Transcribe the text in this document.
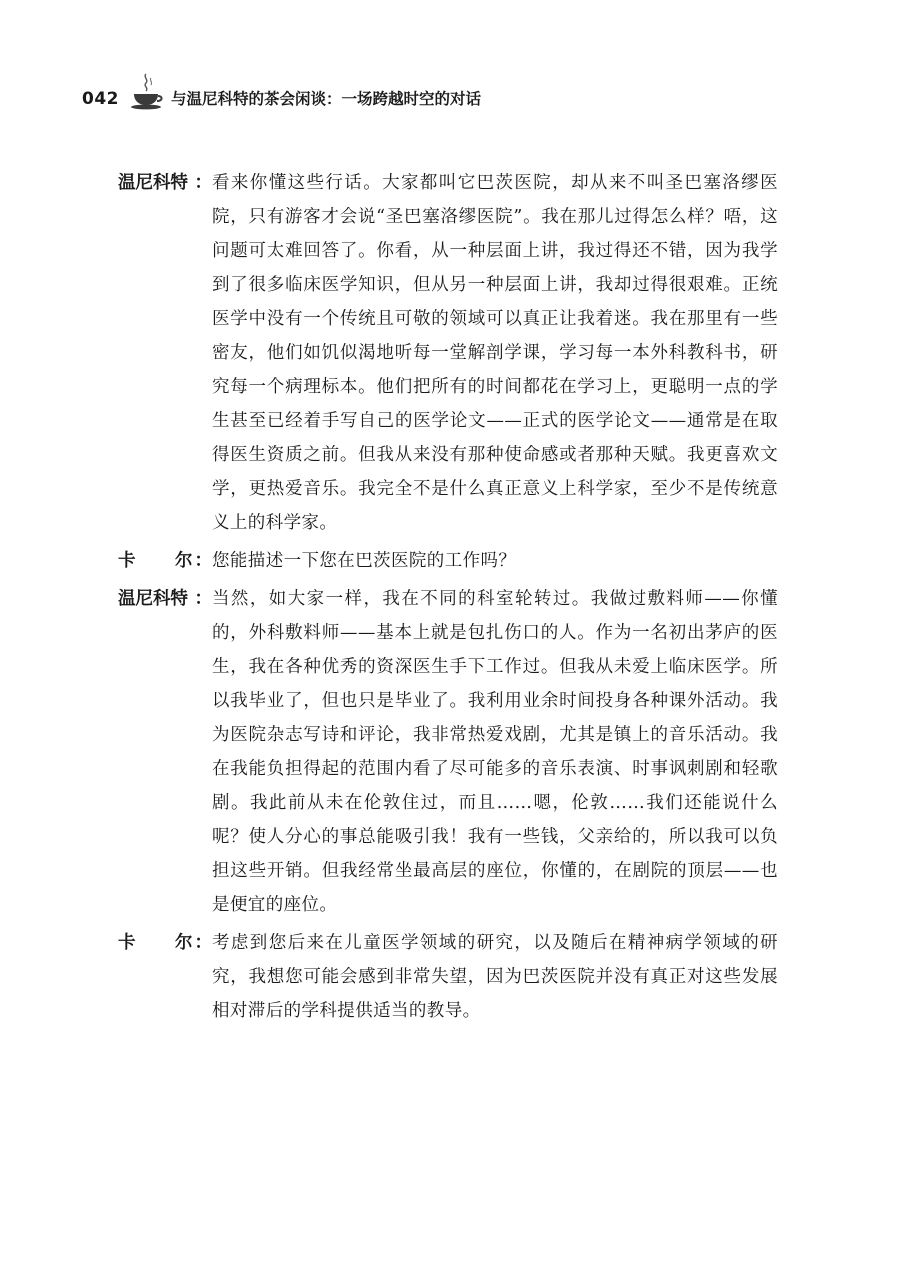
042	与温尼科特的茶会闲谈：一场跨越时空的对话
温尼科特 ： 看来你懂这些行话。大家都叫它巴茨医院，却从来不叫圣巴塞洛缪医院，只有游客才会说“圣巴塞洛缪医院”。我在那儿过得怎么样？唔，这问题可太难回答了。你看，从一种层面上讲，我过得还不错，因为我学到了很多临床医学知识，但从另一种层面上讲，我却过得很艰难。正统医学中没有一个传统且可敬的领域可以真正让我着迷。我在那里有一些密友，他们如饥似渴地听每一堂解剖学课，学习每一本外科教科书，研究每一个病理标本。他们把所有的时间都花在学习上，更聪明一点的学生甚至已经着手写自己的医学论文——正式的医学论文——通常是在取得医生资质之前。但我从来没有那种使命感或者那种天赋。我更喜欢文学，更热爱音乐。我完全不是什么真正意义上科学家，至少不是传统意义上的科学家。
卡 尔 ： 您能描述一下您在巴茨医院的工作吗？
温尼科特 ： 当然，如大家一样，我在不同的科室轮转过。我做过敷料师——你懂的，外科敷料师——基本上就是包扎伤口的人。作为一名初出茅庐的医生，我在各种优秀的资深医生手下工作过。但我从未爱上临床医学。所以我毕业了，但也只是毕业了。我利用业余时间投身各种课外活动。我为医院杂志写诗和评论，我非常热爱戏剧，尤其是镇上的音乐活动。我在我能负担得起的范围内看了尽可能多的音乐表演、时事讽刺剧和轻歌剧。我此前从未在伦敦住过，而且……嗯，伦敦……我们还能说什么呢？使人分心的事总能吸引我！我有一些钱，父亲给的，所以我可以负担这些开销。但我经常坐最高层的座位，你懂的，在剧院的顶层——也是便宜的座位。
卡 尔 ： 考虑到您后来在儿童医学领域的研究，以及随后在精神病学领域的研究，我想您可能会感到非常失望，因为巴茨医院并没有真正对这些发展相对滞后的学科提供适当的教导。
